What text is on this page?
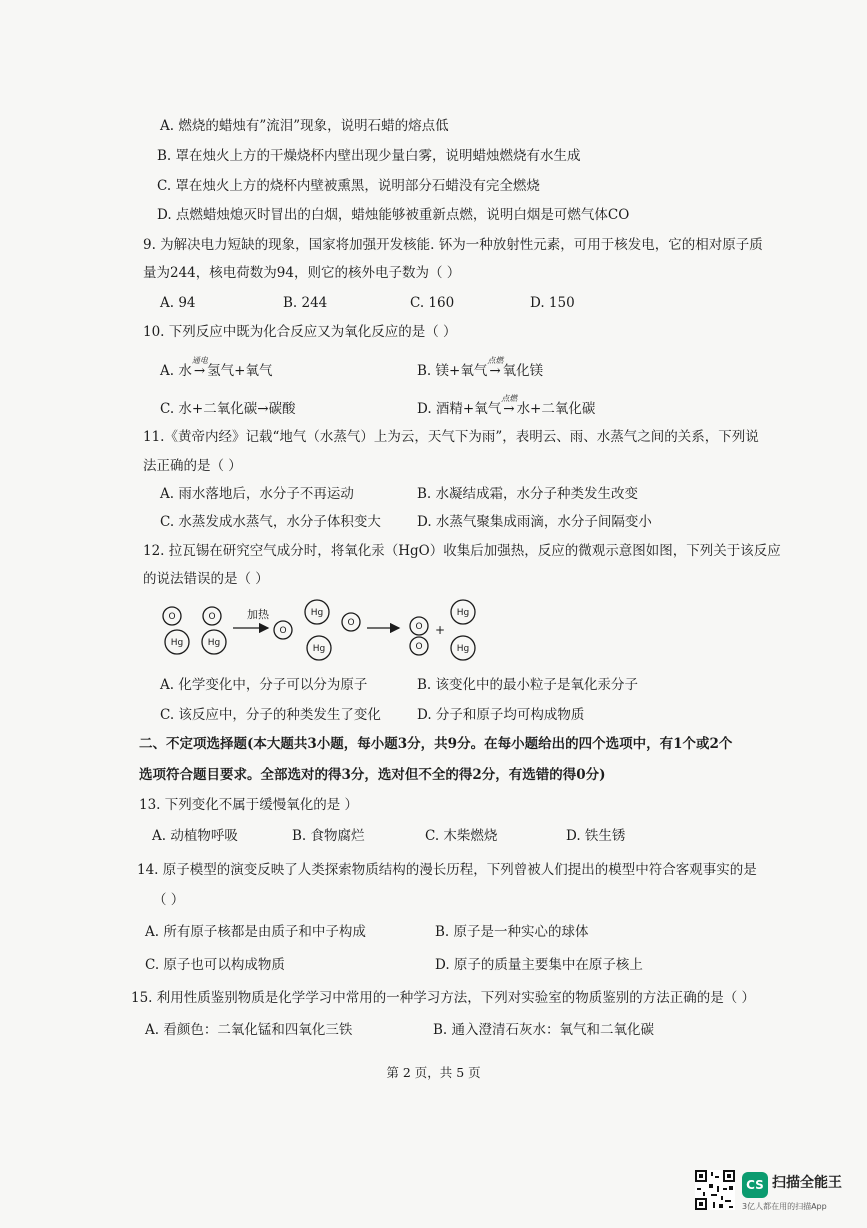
A. 燃烧的蜡烛有”流泪”现象，说明石蜡的熔点低
B. 罩在烛火上方的干燥烧杯内壁出现少量白雾，说明蜡烛燃烧有水生成
C. 罩在烛火上方的烧杯内壁被熏黑，说明部分石蜡没有完全燃烧
D. 点燃蜡烛熄灭时冒出的白烟，蜡烛能够被重新点燃，说明白烟是可燃气体CO
9. 为解决电力短缺的现象，国家将加强开发核能. 钚为一种放射性元素，可用于核发电，它的相对原子质
量为244，核电荷数为94，则它的核外电子数为（ ）
A. 94	B. 244	C. 160	D. 150
10. 下列反应中既为化合反应又为氧化反应的是（ ）
A. 水
通电
→ 氢气+氧气	B. 镁+氧气
点燃
→ 氧化镁
C. 水+二氧化碳→碳酸	D. 酒精+氧气
点燃
→ 水+二氧化碳
11.《黄帝内经》记载“地气（水蒸气）上为云，天气下为雨”，表明云、雨、水蒸气之间的关系，下列说
法正确的是（ ）
A. 雨水落地后，水分子不再运动	B. 水凝结成霜，水分子种类发生改变
C. 水蒸发成水蒸气，水分子体积变大	D. 水蒸气聚集成雨滴，水分子间隔变小
12. 拉瓦锡在研究空气成分时，将氧化汞（HgO）收集后加强热，反应的微观示意图如图，下列关于该反应
的说法错误的是（ ）
O
Hg
O
Hg
O
Hg
Hg
O	O
O
Hg
Hg
加热
+
A. 化学变化中，分子可以分为原子	B. 该变化中的最小粒子是氧化汞分子
C. 该反应中，分子的种类发生了变化	D. 分子和原子均可构成物质
二、不定项选择题(本大题共3小题，每小题3分，共9分。在每小题给出的四个选项中，有1个或2个
选项符合题目要求。全部选对的得3分，选对但不全的得2分，有选错的得0分)
13. 下列变化不属于缓慢氧化的是 ）
A. 动植物呼吸	B. 食物腐烂	C. 木柴燃烧	D. 铁生锈
14. 原子模型的演变反映了人类探索物质结构的漫长历程，下列曾被人们提出的模型中符合客观事实的是
（ ）
A. 所有原子核都是由质子和中子构成	B. 原子是一种实心的球体
C. 原子也可以构成物质	D. 原子的质量主要集中在原子核上
15. 利用性质鉴别物质是化学学习中常用的一种学习方法，下列对实验室的物质鉴别的方法正确的是（ ）
A. 看颜色：二氧化锰和四氧化三铁	B. 通入澄清石灰水：氧气和二氧化碳
第 2 页，共 5 页
CS 扫描全能王
3亿人都在用的扫描App
